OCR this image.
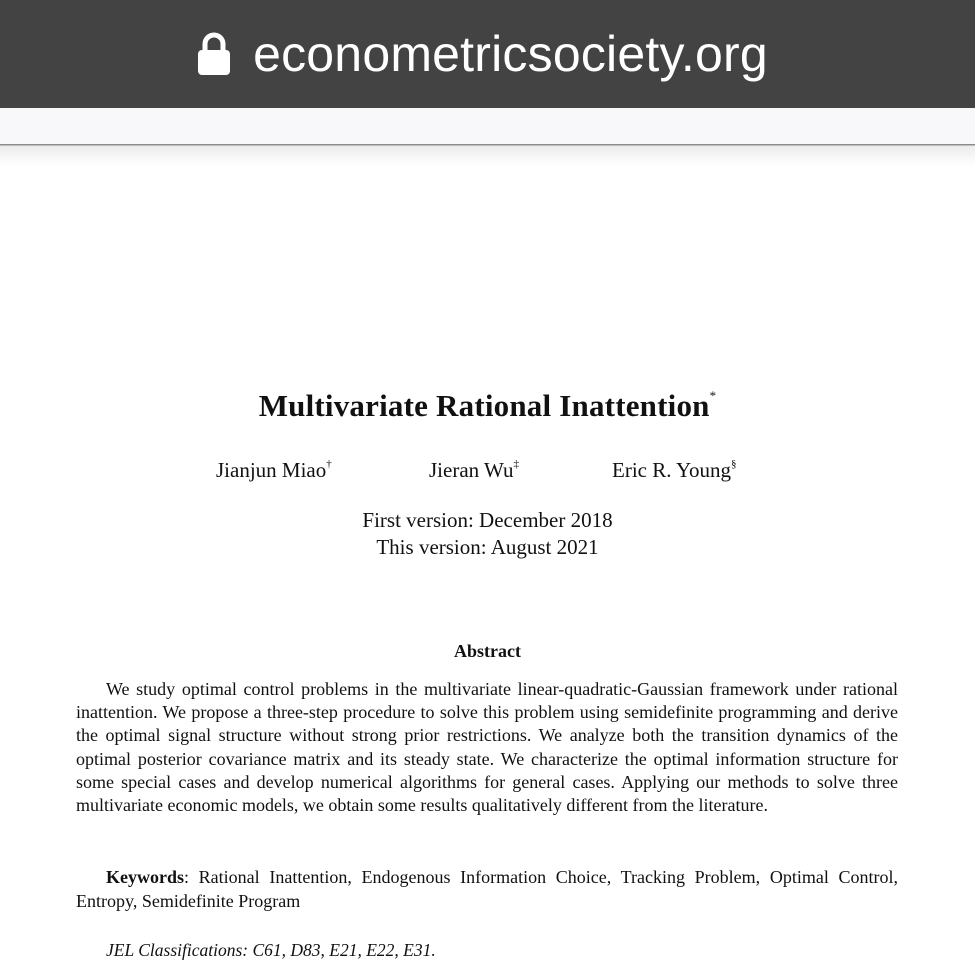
econometricsociety.org
Multivariate Rational Inattention*
Jianjun Miao†	Jieran Wu‡	Eric R. Young§
First version: December 2018
This version: August 2021
Abstract
We study optimal control problems in the multivariate linear-quadratic-Gaussian framework under rational inattention. We propose a three-step procedure to solve this problem using semidefinite programming and derive the optimal signal structure without strong prior restrictions. We analyze both the transition dynamics of the optimal posterior covariance matrix and its steady state. We characterize the optimal information structure for some special cases and develop numerical algorithms for general cases. Applying our methods to solve three multivariate economic models, we obtain some results qualitatively different from the literature.
Keywords: Rational Inattention, Endogenous Information Choice, Tracking Problem, Optimal Control, Entropy, Semidefinite Program
JEL Classifications: C61, D83, E21, E22, E31.
